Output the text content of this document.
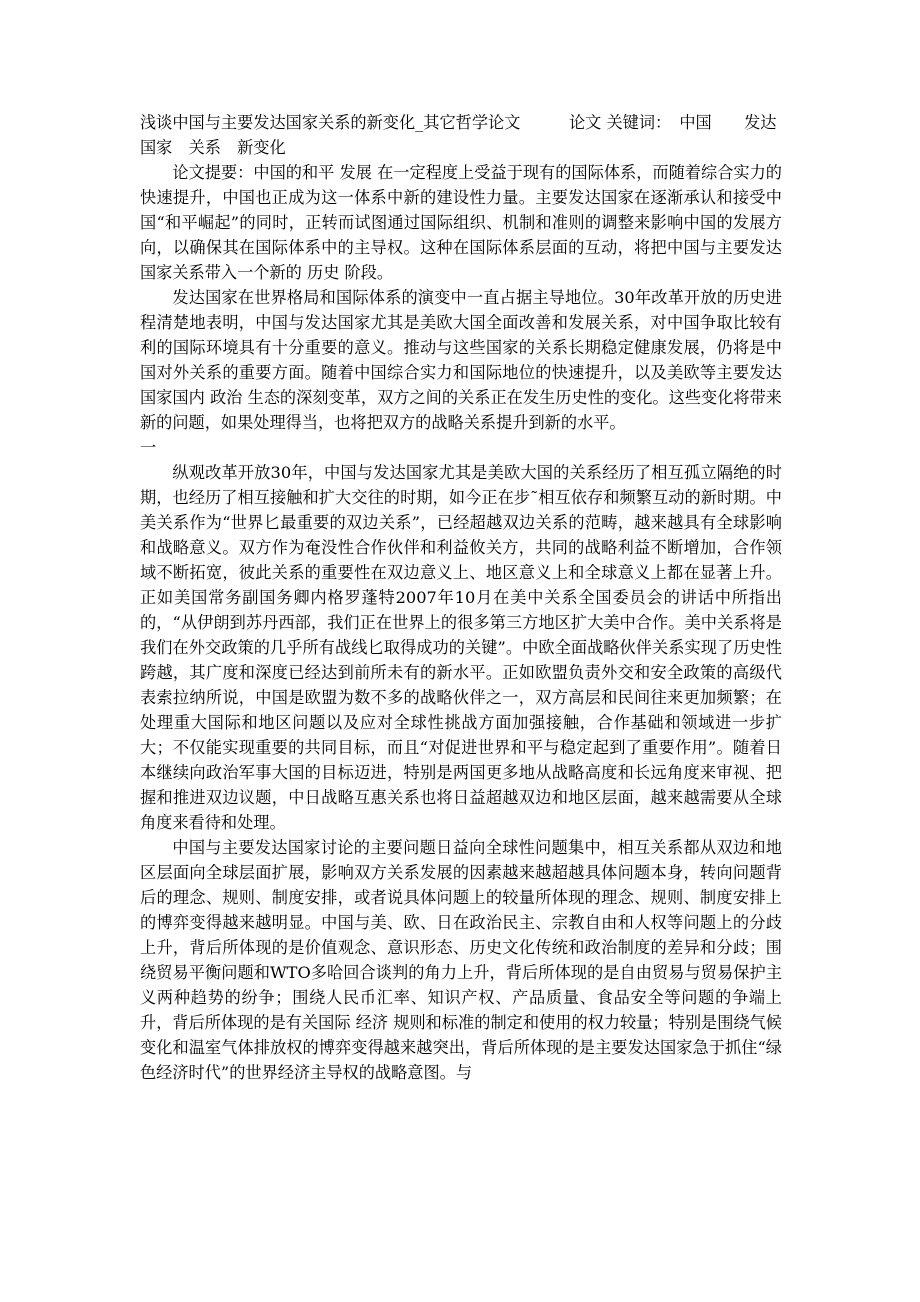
浅谈中国与主要发达国家关系的新变化_其它哲学论文　　　论文 关键词：　中国　　发达国家　关系　新变化

论文提要：中国的和平 发展 在一定程度上受益于现有的国际体系，而随着综合实力的快速提升，中国也正成为这一体系中新的建设性力量。主要发达国家在逐渐承认和接受中国“和平崛起”的同时，正转而试图通过国际组织、机制和准则的调整来影响中国的发展方向，以确保其在国际体系中的主导权。这种在国际体系层面的互动，将把中国与主要发达国家关系带入一个新的 历史 阶段。

发达国家在世界格局和国际体系的演变中一直占据主导地位。30年改革开放的历史进程清楚地表明，中国与发达国家尤其是美欧大国全面改善和发展关系，对中国争取比较有利的国际环境具有十分重要的意义。推动与这些国家的关系长期稳定健康发展，仍将是中国对外关系的重要方面。随着中国综合实力和国际地位的快速提升，以及美欧等主要发达国家国内 政治 生态的深刻变革，双方之间的关系正在发生历史性的变化。这些变化将带来新的问题，如果处理得当，也将把双方的战略关系提升到新的水平。

一

纵观改革开放30年，中国与发达国家尤其是美欧大国的关系经历了相互孤立隔绝的时期，也经历了相互接触和扩大交往的时期，如今正在步˜相互依存和频繁互动的新时期。中美关系作为“世界匕最重要的双边关系”，已经超越双边关系的范畴，越来越具有全球影响和战略意义。双方作为奄没性合作伙伴和利益攸关方，共同的战略利益不断增加，合作领域不断拓宽，彼此关系的重要性在双边意义上、地区意义上和全球意义上都在显著上升。正如美国常务副国务卿内格罗蓬特2007年10月在美中关系全国委员会的讲话中所指出的，“从伊朗到苏丹西部，我们正在世界上的很多第三方地区扩大美中合作。美中关系将是我们在外交政策的几乎所有战线匕取得成功的关键”。中欧全面战略伙伴关系实现了历史性跨越，其广度和深度已经达到前所未有的新水平。正如欧盟负责外交和安全政策的高级代表索拉纳所说，中国是欧盟为数不多的战略伙伴之一，双方高层和民间往来更加频繁；在处理重大国际和地区问题以及应对全球性挑战方面加强接触，合作基础和领域进一步扩大；不仅能实现重要的共同目标，而且“对促进世界和平与稳定起到了重要作用”。随着日本继续向政治军事大国的目标迈进，特别是两国更多地从战略高度和长远角度来审视、把握和推进双边议题，中日战略互惠关系也将日益超越双边和地区层面，越来越需要从全球角度来看待和处理。

中国与主要发达国家讨论的主要问题日益向全球性问题集中，相互关系都从双边和地区层面向全球层面扩展，影响双方关系发展的因素越来越超越具体问题本身，转向问题背后的理念、规则、制度安排，或者说具体问题上的较量所体现的理念、规则、制度安排上的博弈变得越来越明显。中国与美、欧、日在政治民主、宗教自由和人权等问题上的分歧上升，背后所体现的是价值观念、意识形态、历史文化传统和政治制度的差异和分歧；围绕贸易平衡问题和WTO多哈回合谈判的角力上升，背后所体现的是自由贸易与贸易保护主义两种趋势的纷争；围绕人民币汇率、知识产权、产品质量、食品安全等问题的争端上升，背后所体现的是有关国际 经济 规则和标准的制定和使用的权力较量；特别是围绕气候变化和温室气体排放权的博弈变得越来越突出，背后所体现的是主要发达国家急于抓住“绿色经济时代”的世界经济主导权的战略意图。与
